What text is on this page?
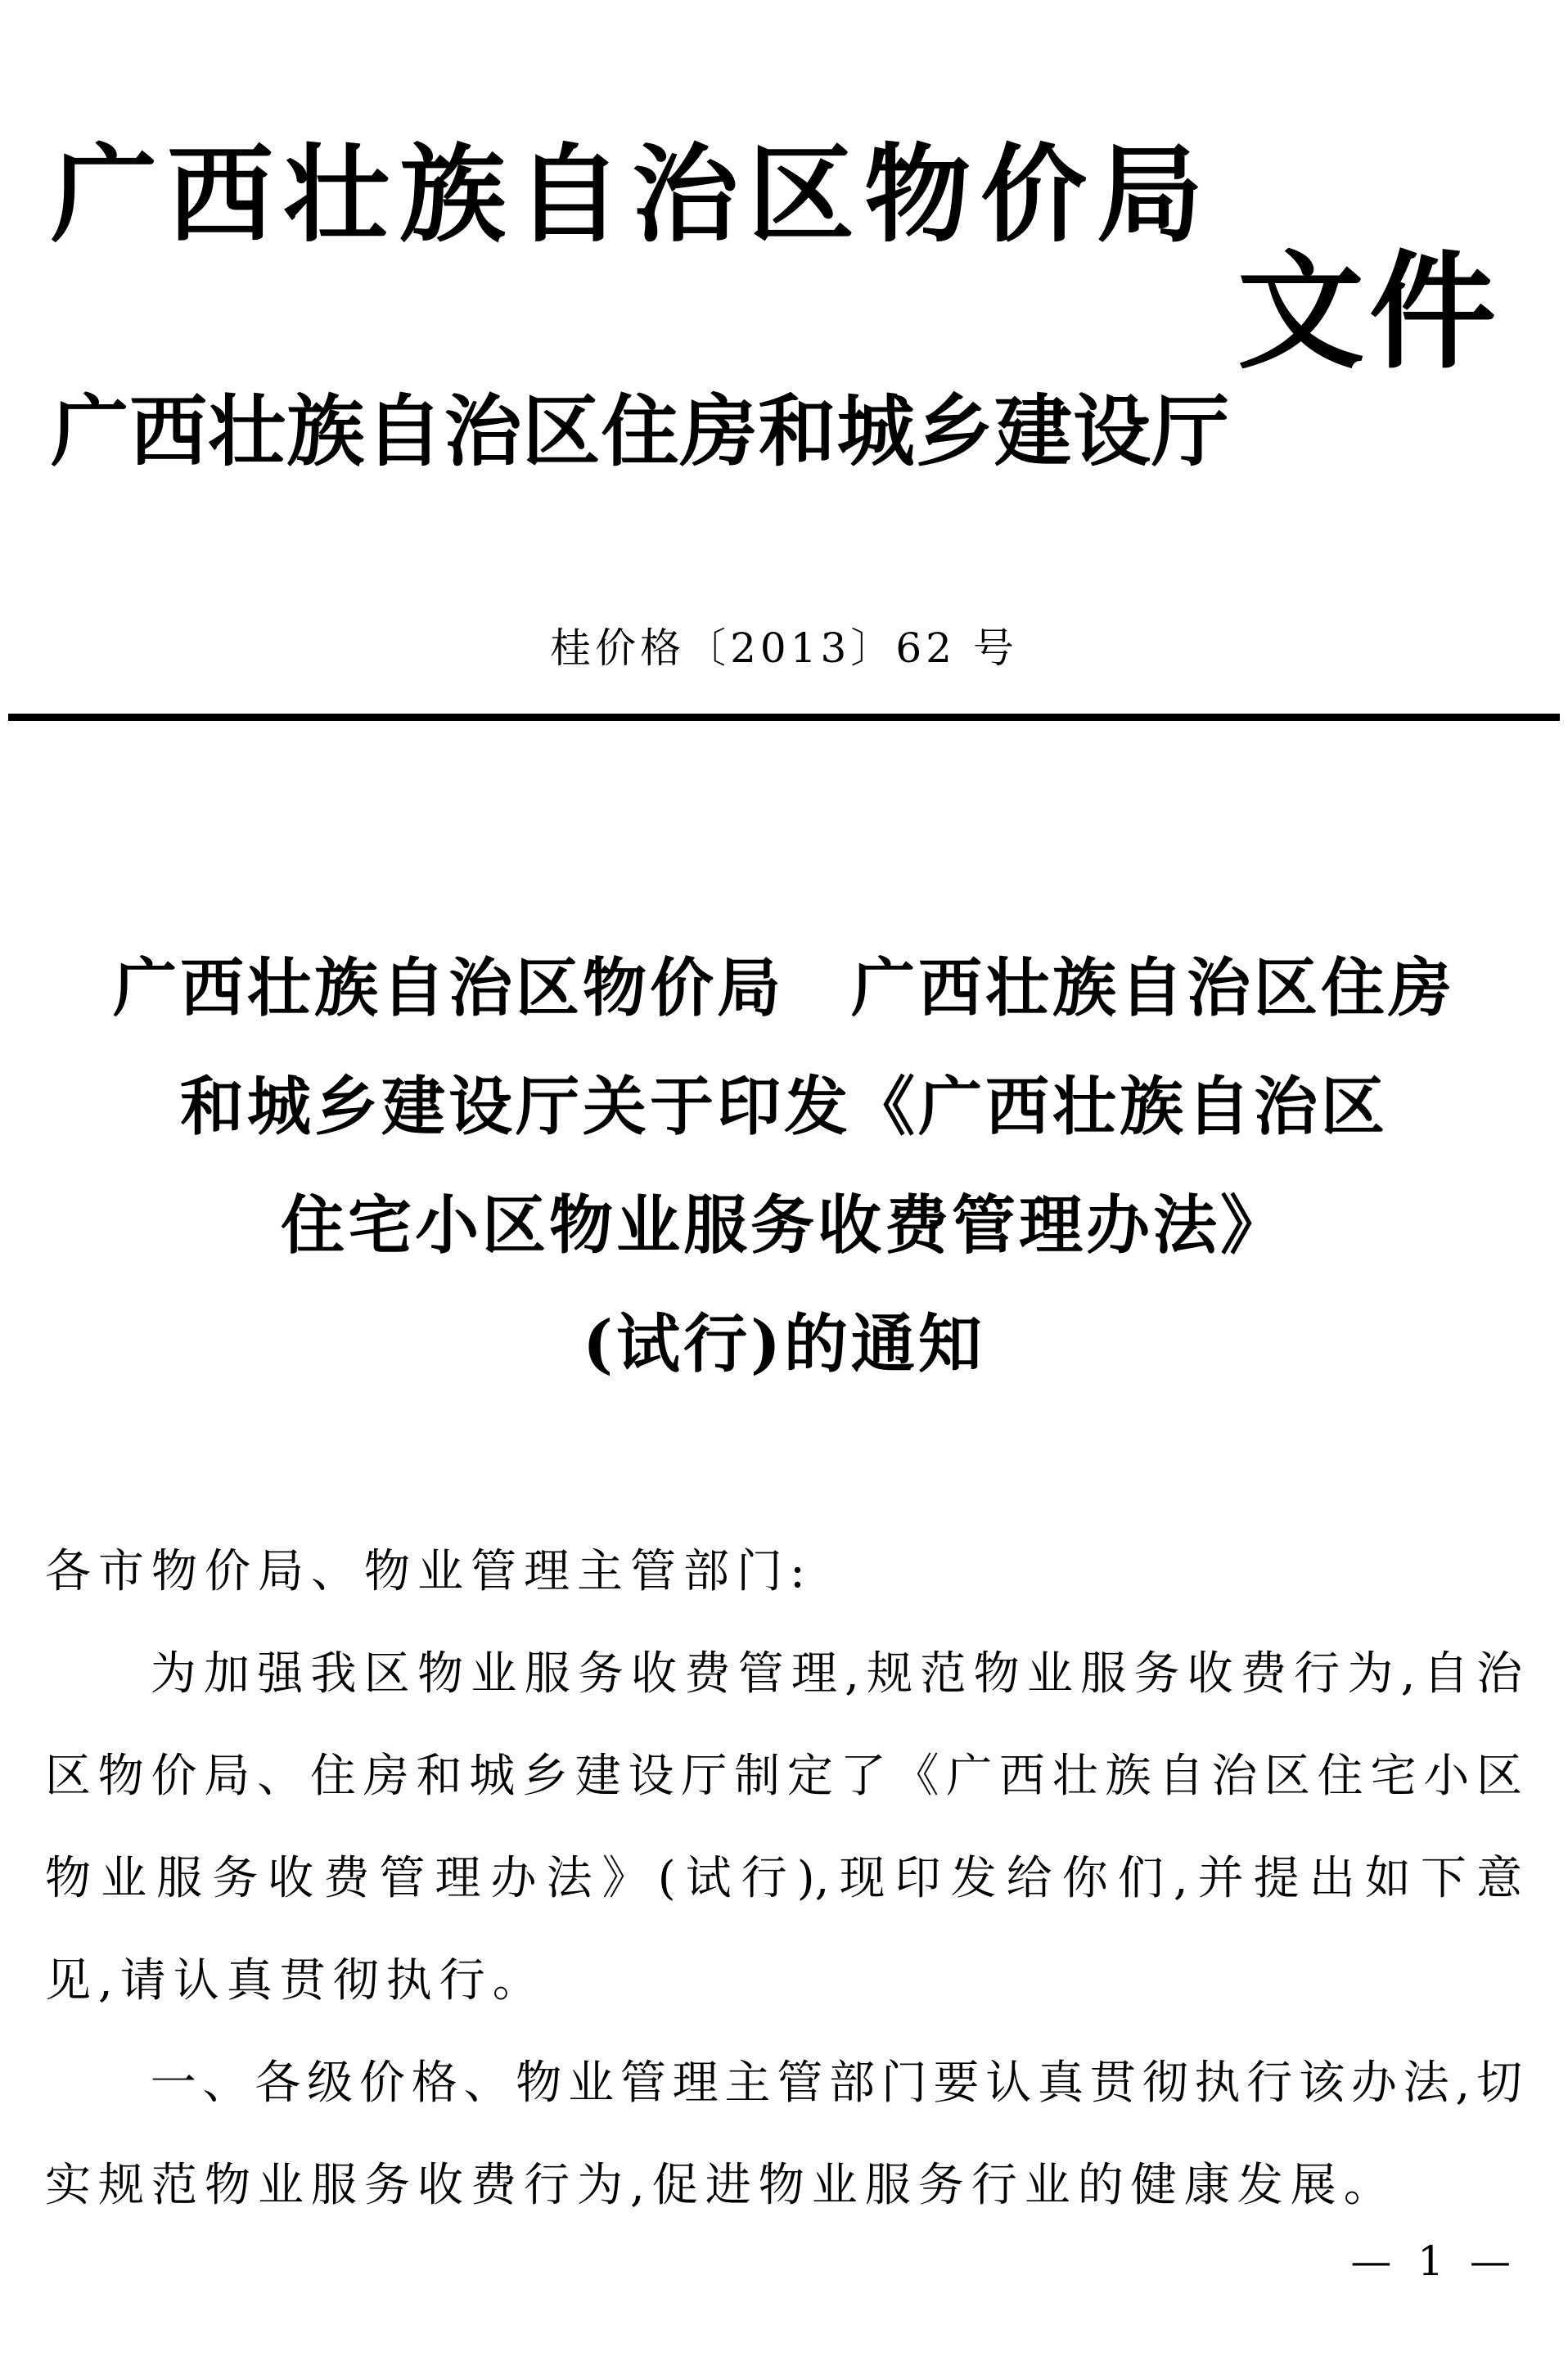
广西壮族自治区物价局
广西壮族自治区住房和城乡建设厅
文件
桂价格〔2013〕62 号
广西壮族自治区物价局　广西壮族自治区住房
和城乡建设厅关于印发《广西壮族自治区
住宅小区物业服务收费管理办法》
(试行)的通知
各市物价局、物业管理主管部门:
为加强我区物业服务收费管理,规范物业服务收费行为,自治
区物价局、住房和城乡建设厅制定了《广西壮族自治区住宅小区
物业服务收费管理办法》(试行),现印发给你们,并提出如下意
见,请认真贯彻执行。
一、各级价格、物业管理主管部门要认真贯彻执行该办法,切
实规范物业服务收费行为,促进物业服务行业的健康发展。
— 1 —
